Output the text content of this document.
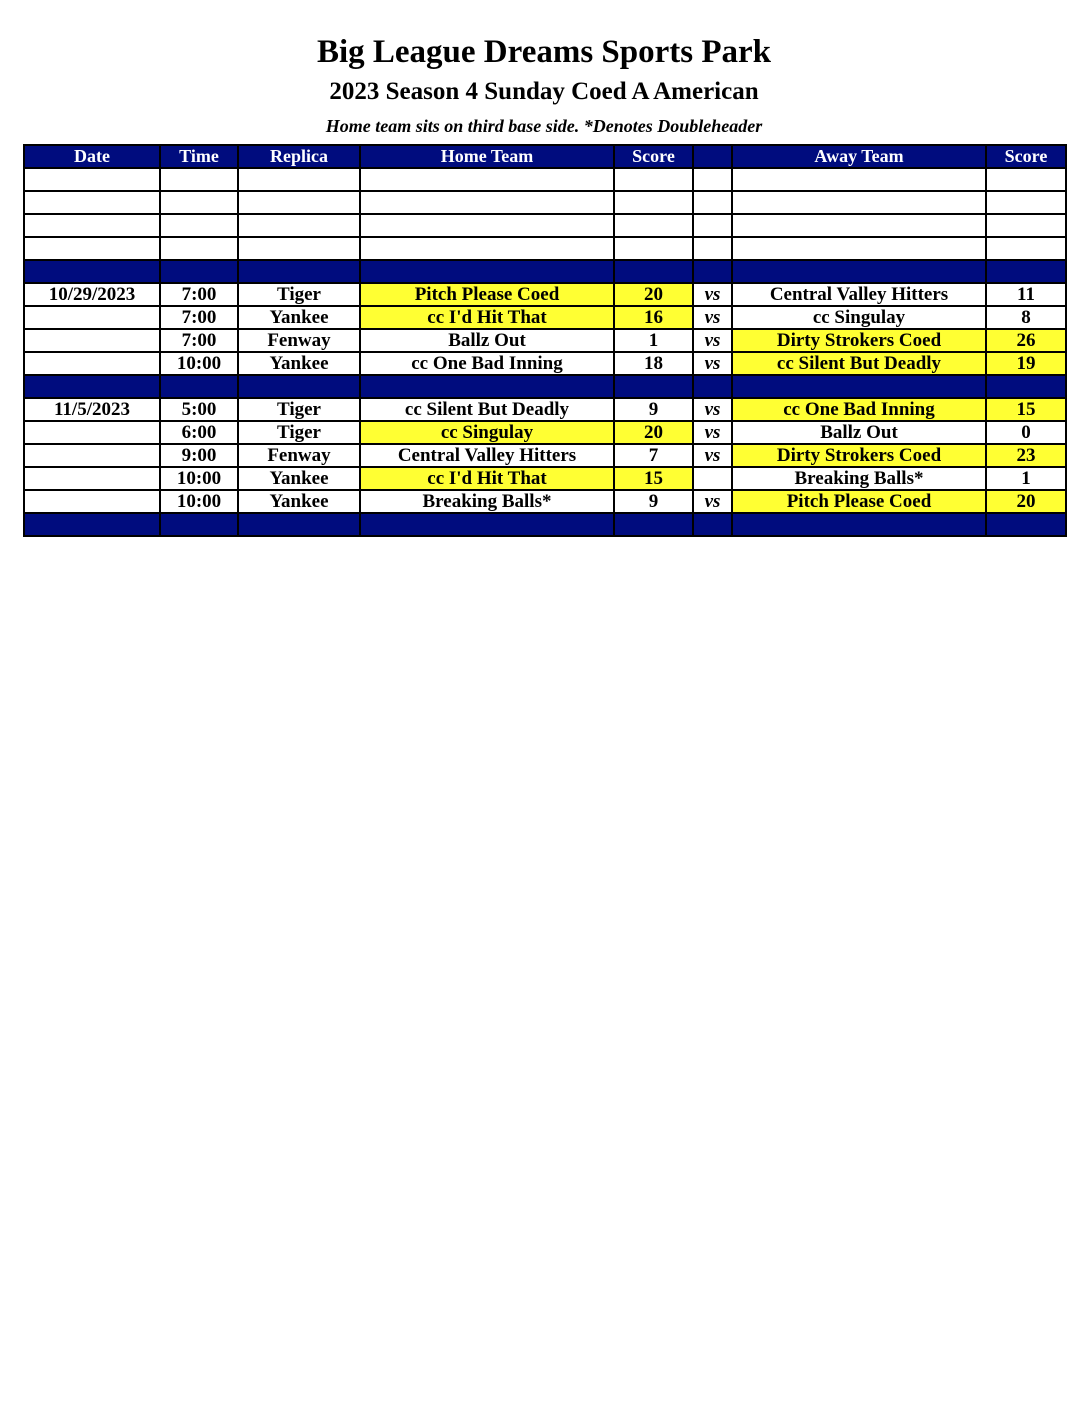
Big League Dreams Sports Park
2023 Season 4 Sunday Coed A American
Home team sits on third base side. *Denotes Doubleheader
Date	Time	Replica	Home Team	Score		Away Team	Score

10/29/2023	7:00	Tiger	Pitch Please Coed	20	vs	Central Valley Hitters	11
	7:00	Yankee	cc I'd Hit That	16	vs	cc Singulay	8
	7:00	Fenway	Ballz Out	1	vs	Dirty Strokers Coed	26
	10:00	Yankee	cc One Bad Inning	18	vs	cc Silent But Deadly	19

11/5/2023	5:00	Tiger	cc Silent But Deadly	9	vs	cc One Bad Inning	15
	6:00	Tiger	cc Singulay	20	vs	Ballz Out	0
	9:00	Fenway	Central Valley Hitters	7	vs	Dirty Strokers Coed	23
	10:00	Yankee	cc I'd Hit That	15		Breaking Balls*	1
	10:00	Yankee	Breaking Balls*	9	vs	Pitch Please Coed	20
